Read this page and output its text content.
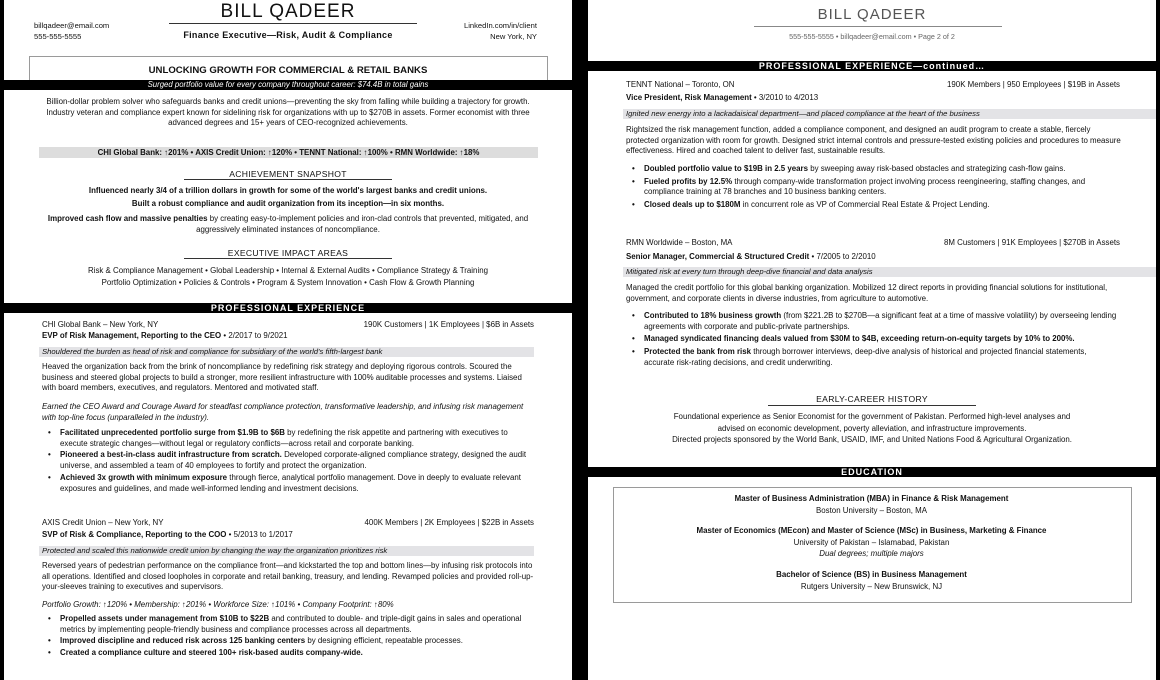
BILL QADEER
billqadeer@email.com
555-555-5555
LinkedIn.com/in/client
New York, NY
Finance Executive—Risk, Audit & Compliance
UNLOCKING GROWTH FOR COMMERCIAL & RETAIL BANKS
Surged portfolio value for every company throughout career: $74.4B in total gains
Billion-dollar problem solver who safeguards banks and credit unions—preventing the sky from falling while building a trajectory for growth. Industry veteran and compliance expert known for sidelining risk for organizations with up to $270B in assets. Former economist with three advanced degrees and 15+ years of CEO-recognized achievements.
CHI Global Bank: ↑201% • AXIS Credit Union: ↑120% • TENNT National: ↑100% • RMN Worldwide: ↑18%
ACHIEVEMENT SNAPSHOT
Influenced nearly 3/4 of a trillion dollars in growth for some of the world's largest banks and credit unions.
Built a robust compliance and audit organization from its inception—in six months.
Improved cash flow and massive penalties by creating easy-to-implement policies and iron-clad controls that prevented, mitigated, and aggressively eliminated instances of noncompliance.
EXECUTIVE IMPACT AREAS
Risk & Compliance Management • Global Leadership • Internal & External Audits • Compliance Strategy & Training
Portfolio Optimization • Policies & Controls • Program & System Innovation • Cash Flow & Growth Planning
PROFESSIONAL EXPERIENCE
CHI Global Bank – New York, NY	190K Customers | 1K Employees | $6B in Assets
EVP of Risk Management, Reporting to the CEO • 2/2017 to 9/2021
Shouldered the burden as head of risk and compliance for subsidiary of the world's fifth-largest bank
Heaved the organization back from the brink of noncompliance by redefining risk strategy and deploying rigorous controls. Scoured the business and steered global projects to build a stronger, more resilient infrastructure with 100% auditable processes and systems. Liaised with board members, executives, and regulators. Mentored and motivated staff.
Earned the CEO Award and Courage Award for steadfast compliance protection, transformative leadership, and infusing risk management with top-line focus (unparalleled in the industry).
• Facilitated unprecedented portfolio surge from $1.9B to $6B by redefining the risk appetite and partnering with executives to execute strategic changes—without legal or regulatory conflicts—across retail and corporate banking.
• Pioneered a best-in-class audit infrastructure from scratch. Developed corporate-aligned compliance strategy, designed the audit universe, and assembled a team of 40 employees to fortify and protect the organization.
• Achieved 3x growth with minimum exposure through fierce, analytical portfolio management. Dove in deeply to evaluate relevant exposures and guidelines, and made well-informed lending and investment decisions.
AXIS Credit Union – New York, NY	400K Members | 2K Employees | $22B in Assets
SVP of Risk & Compliance, Reporting to the COO • 5/2013 to 1/2017
Protected and scaled this nationwide credit union by changing the way the organization prioritizes risk
Reversed years of pedestrian performance on the compliance front—and kickstarted the top and bottom lines—by infusing risk protocols into all operations. Identified and closed loopholes in corporate and retail banking, treasury, and lending. Revamped policies and provided roll-up-your-sleeves training to executives and supervisors.
Portfolio Growth: ↑120% • Membership: ↑201% • Workforce Size: ↑101% • Company Footprint: ↑80%
• Propelled assets under management from $10B to $22B and contributed to double- and triple-digit gains in sales and operational metrics by implementing people-friendly business and compliance processes across all departments.
• Improved discipline and reduced risk across 125 banking centers by designing efficient, repeatable processes.
• Created a compliance culture and steered 100+ risk-based audits company-wide.
BILL QADEER
555-555-5555 • billqadeer@email.com • Page 2 of 2
PROFESSIONAL EXPERIENCE—continued…
TENNT National – Toronto, ON	190K Members | 950 Employees | $19B in Assets
Vice President, Risk Management • 3/2010 to 4/2013
Ignited new energy into a lackadaisical department—and placed compliance at the heart of the business
Rightsized the risk management function, added a compliance component, and designed an audit program to create a stable, fiercely protected organization with room for growth. Designed strict internal controls and pressure-tested existing policies and procedures to measure effectiveness. Hired and coached talent to deliver fast, sustainable results.
• Doubled portfolio value to $19B in 2.5 years by sweeping away risk-based obstacles and strategizing cash-flow gains.
• Fueled profits by 12.5% through company-wide transformation project involving process reengineering, staffing changes, and compliance training at 78 branches and 10 business banking centers.
• Closed deals up to $180M in concurrent role as VP of Commercial Real Estate & Project Lending.
RMN Worldwide – Boston, MA	8M Customers | 91K Employees | $270B in Assets
Senior Manager, Commercial & Structured Credit • 7/2005 to 2/2010
Mitigated risk at every turn through deep-dive financial and data analysis
Managed the credit portfolio for this global banking organization. Mobilized 12 direct reports in providing financial solutions for institutional, government, and corporate clients in diverse industries, from agriculture to automotive.
• Contributed to 18% business growth (from $221.2B to $270B—a significant feat at a time of massive volatility) by overseeing lending agreements with corporate and public-private partnerships.
• Managed syndicated financing deals valued from $30M to $4B, exceeding return-on-equity targets by 10% to 200%.
• Protected the bank from risk through borrower interviews, deep-dive analysis of historical and projected financial statements, accurate risk-rating decisions, and credit underwriting.
EARLY-CAREER HISTORY
Foundational experience as Senior Economist for the government of Pakistan. Performed high-level analyses and
advised on economic development, poverty alleviation, and infrastructure improvements.
Directed projects sponsored by the World Bank, USAID, IMF, and United Nations Food & Agricultural Organization.
EDUCATION
Master of Business Administration (MBA) in Finance & Risk Management
Boston University – Boston, MA
Master of Economics (MEcon) and Master of Science (MSc) in Business, Marketing & Finance
University of Pakistan – Islamabad, Pakistan
Dual degrees; multiple majors
Bachelor of Science (BS) in Business Management
Rutgers University – New Brunswick, NJ
